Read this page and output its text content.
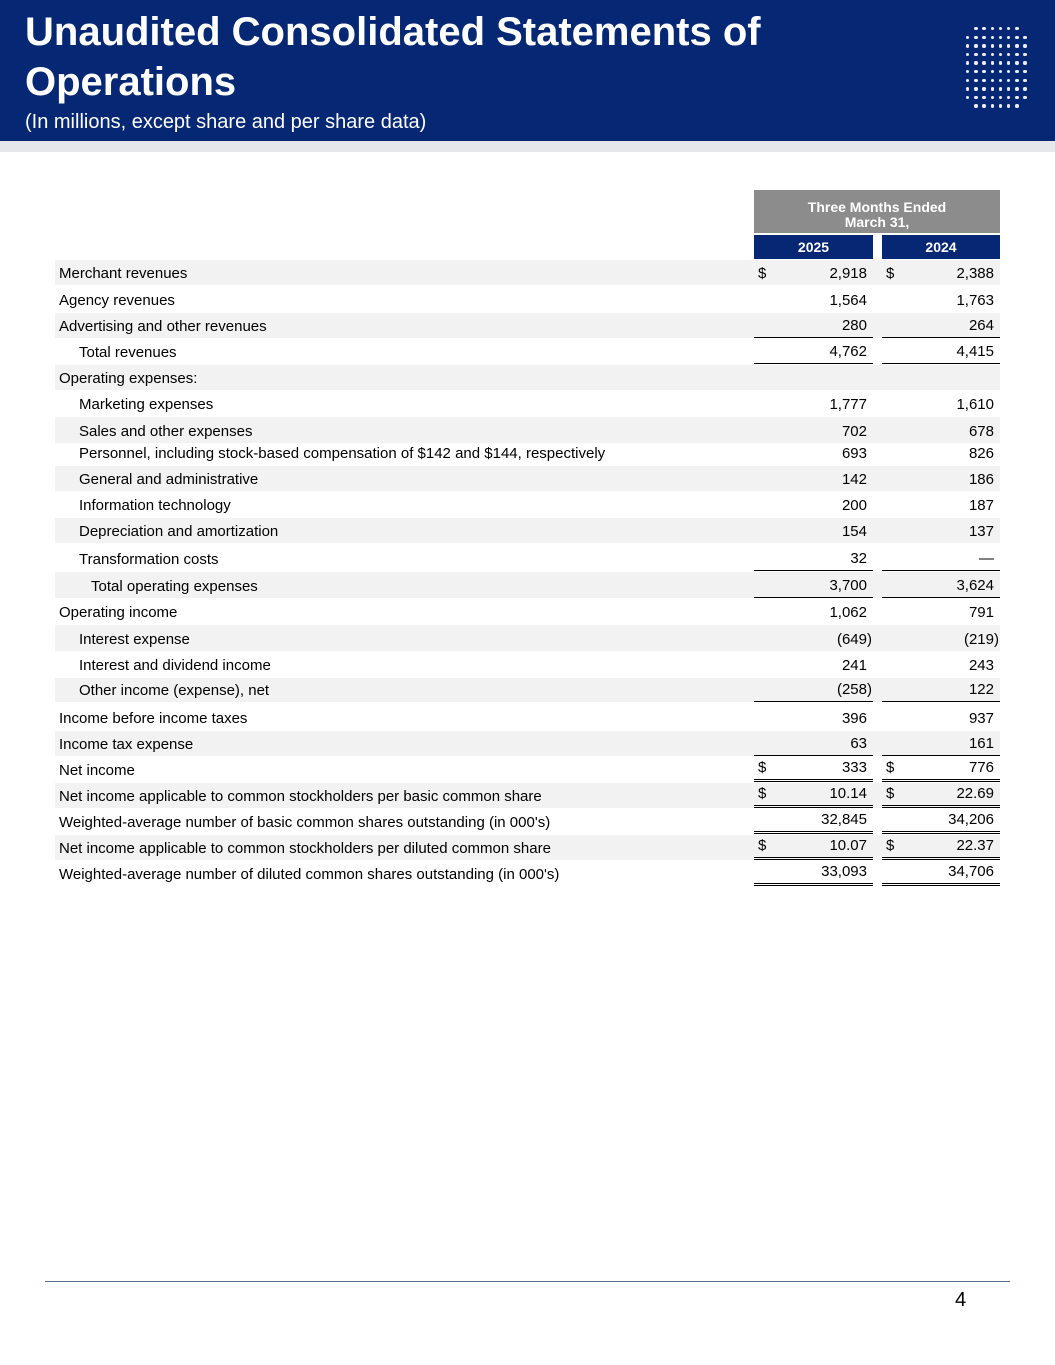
Unaudited Consolidated Statements of Operations
(In millions, except share and per share data)
Three Months Ended
March 31,
2025	2024
Merchant revenues	$	2,918 $	2,388
Agency revenues	1,564	1,763
Advertising and other revenues	280	264
Total revenues	4,762	4,415
Operating expenses:
Marketing expenses	1,777	1,610
Sales and other expenses	702	678
Personnel, including stock-based compensation of $142 and $144, respectively	693	826
General and administrative	142	186
Information technology	200	187
Depreciation and amortization	154	137
Transformation costs	32	—
Total operating expenses	3,700	3,624
Operating income	1,062	791
Interest expense	(649)	(219)
Interest and dividend income	241	243
Other income (expense), net	(258)	122
Income before income taxes	396	937
Income tax expense	63	161
Net income	$	333 $	776
Net income applicable to common stockholders per basic common share	$	10.14 $	22.69
Weighted-average number of basic common shares outstanding (in 000's)	32,845	34,206
Net income applicable to common stockholders per diluted common share	$	10.07 $	22.37
Weighted-average number of diluted common shares outstanding (in 000's)	33,093	34,706
4
